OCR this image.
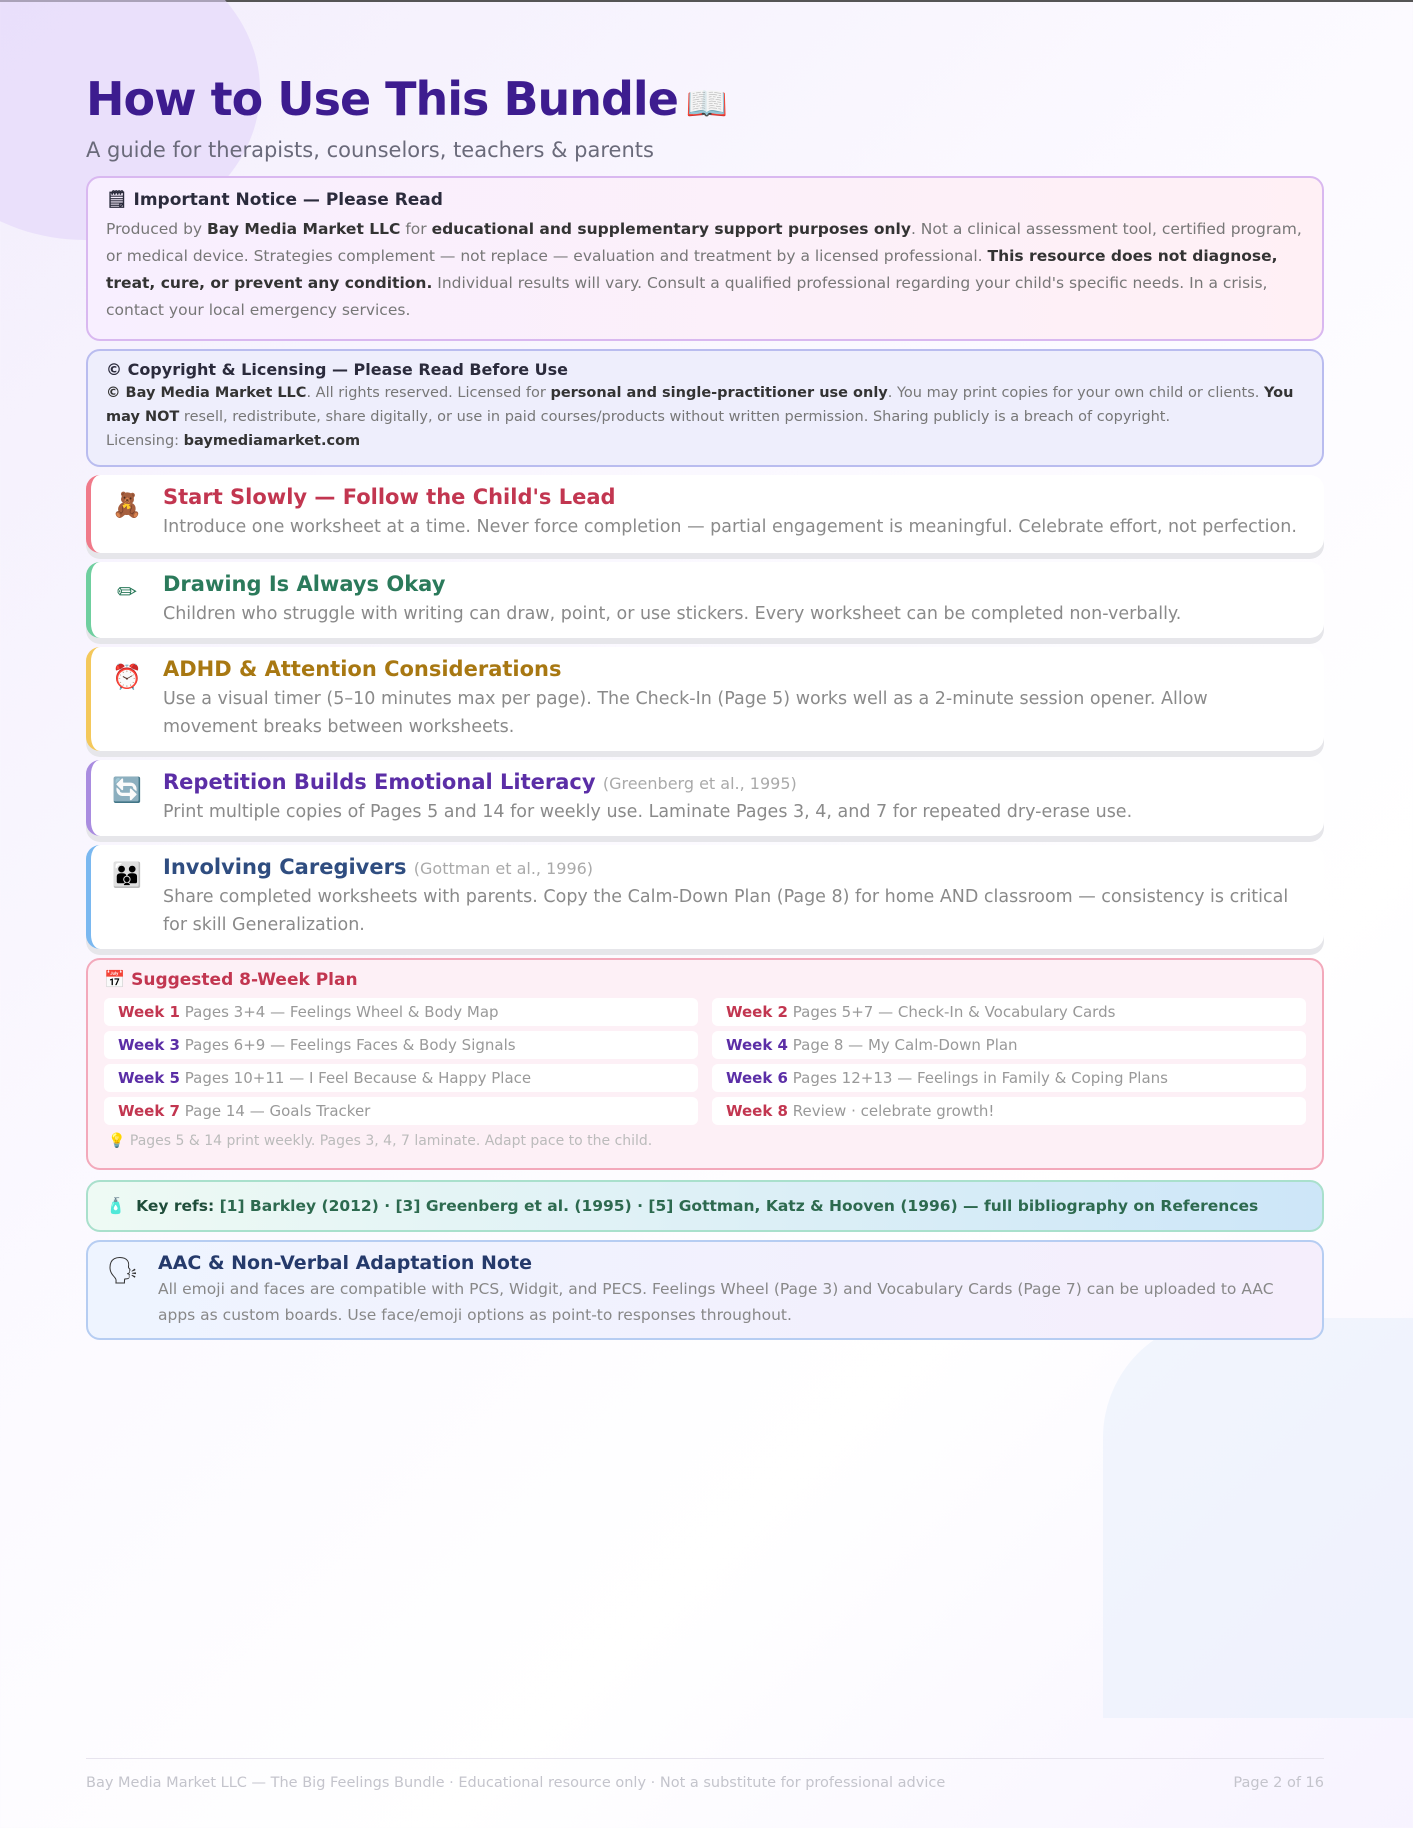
How to Use This Bundle 📖
A guide for therapists, counselors, teachers & parents
🗒 Important Notice — Please Read
Produced by Bay Media Market LLC for educational and supplementary support purposes only. Not a clinical assessment tool, certified program, or medical device. Strategies complement — not replace — evaluation and treatment by a licensed professional. This resource does not diagnose, treat, cure, or prevent any condition. Individual results will vary. Consult a qualified professional regarding your child's specific needs. In a crisis, contact your local emergency services.
© Copyright & Licensing — Please Read Before Use
© Bay Media Market LLC. All rights reserved. Licensed for personal and single-practitioner use only. You may print copies for your own child or clients. You may NOT resell, redistribute, share digitally, or use in paid courses/products without written permission. Sharing publicly is a breach of copyright.
Licensing: baymediamarket.com
🧸 Start Slowly — Follow the Child's Lead
Introduce one worksheet at a time. Never force completion — partial engagement is meaningful. Celebrate effort, not perfection.
✏ Drawing Is Always Okay
Children who struggle with writing can draw, point, or use stickers. Every worksheet can be completed non-verbally.
⏰ ADHD & Attention Considerations
Use a visual timer (5–10 minutes max per page). The Check-In (Page 5) works well as a 2-minute session opener. Allow movement breaks between worksheets.
🔄 Repetition Builds Emotional Literacy (Greenberg et al., 1995)
Print multiple copies of Pages 5 and 14 for weekly use. Laminate Pages 3, 4, and 7 for repeated dry-erase use.
👪 Involving Caregivers (Gottman et al., 1996)
Share completed worksheets with parents. Copy the Calm-Down Plan (Page 8) for home AND classroom — consistency is critical for skill Generalization.
📅 Suggested 8-Week Plan
Week 1 Pages 3+4 — Feelings Wheel & Body Map	Week 2 Pages 5+7 — Check-In & Vocabulary Cards
Week 3 Pages 6+9 — Feelings Faces & Body Signals	Week 4 Page 8 — My Calm-Down Plan
Week 5 Pages 10+11 — I Feel Because & Happy Place	Week 6 Pages 12+13 — Feelings in Family & Coping Plans
Week 7 Page 14 — Goals Tracker	Week 8 Review · celebrate growth!
💡 Pages 5 & 14 print weekly. Pages 3, 4, 7 laminate. Adapt pace to the child.
🧴 Key refs: [1] Barkley (2012) · [3] Greenberg et al. (1995) · [5] Gottman, Katz & Hooven (1996) — full bibliography on References
🗣 AAC & Non-Verbal Adaptation Note
All emoji and faces are compatible with PCS, Widgit, and PECS. Feelings Wheel (Page 3) and Vocabulary Cards (Page 7) can be uploaded to AAC apps as custom boards. Use face/emoji options as point-to responses throughout.
Bay Media Market LLC — The Big Feelings Bundle · Educational resource only · Not a substitute for professional advice	Page 2 of 16
